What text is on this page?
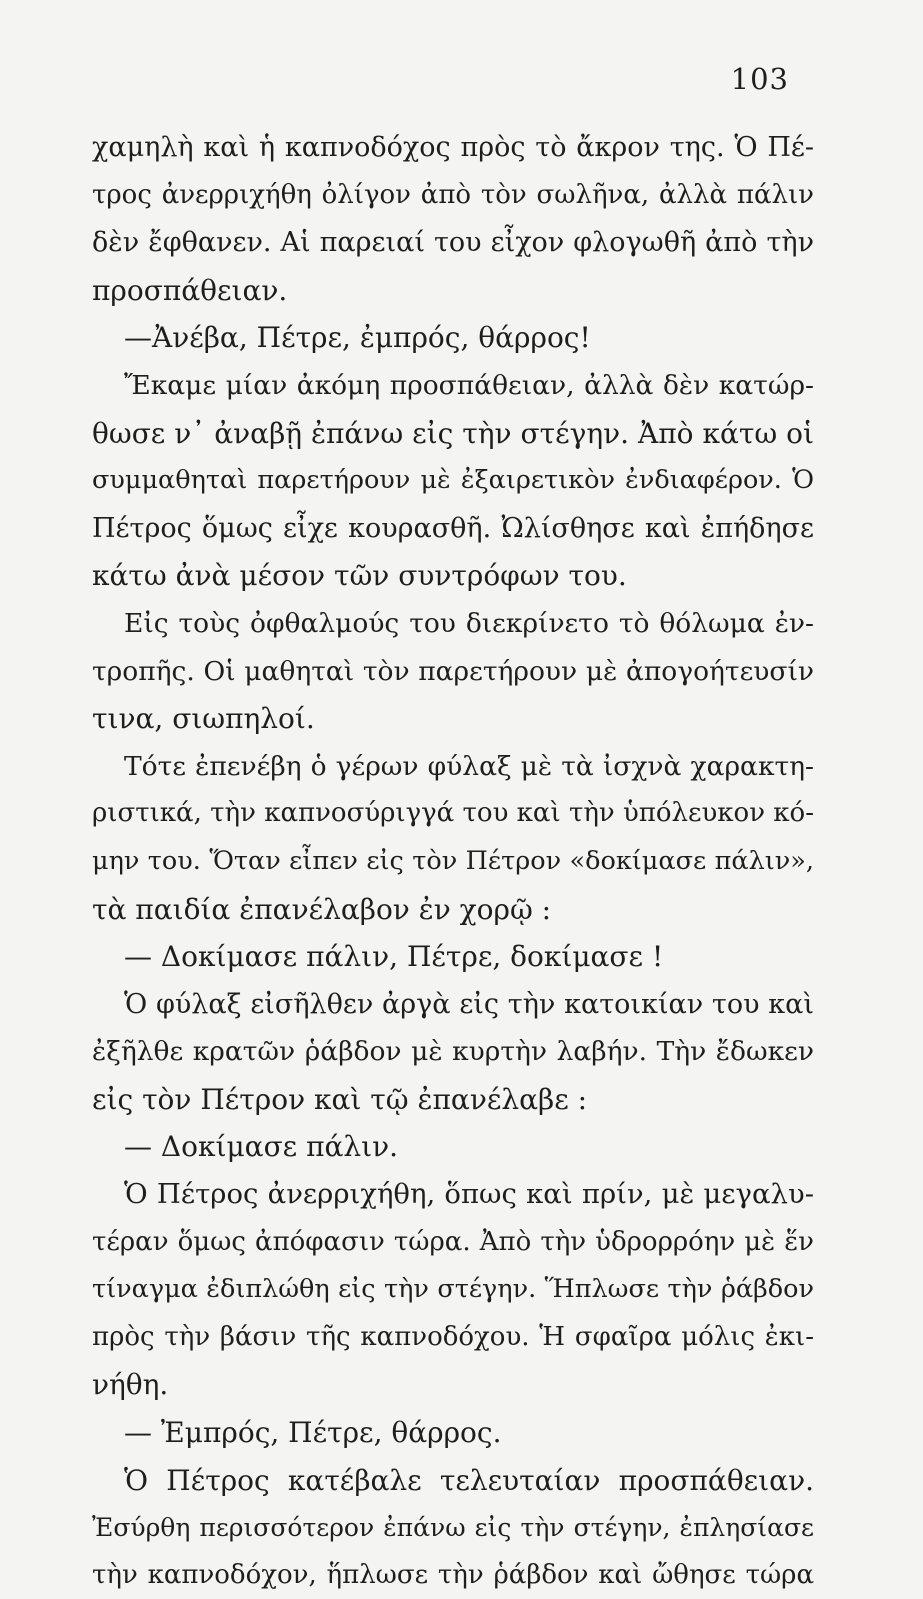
103

χαμηλὴ καὶ ἡ καπνοδόχος πρὸς τὸ ἄκρον της. Ὁ Πέ-

τρος ἀνερριχήθη ὀλίγον ἀπὸ τὸν σωλῆνα, ἀλλὰ πάλιν

δὲν ἔφθανεν. Αἱ παρειαί του εἶχον φλογωθῆ ἀπὸ τὴν

προσπάθειαν.

—Ἀνέβα, Πέτρε, ἐμπρός, θάρρος!

Ἔκαμε μίαν ἀκόμη προσπάθειαν, ἀλλὰ δὲν κατώρ-

θωσε ν᾽ ἀναβῇ ἐπάνω εἰς τὴν στέγην. Ἀπὸ κάτω οἱ

συμμαθηταὶ παρετήρουν μὲ ἐξαιρετικὸν ἐνδιαφέρον. Ὁ

Πέτρος ὅμως εἶχε κουρασθῆ. Ὠλίσθησε καὶ ἐπήδησε

κάτω ἀνὰ μέσον τῶν συντρόφων του.

Εἰς τοὺς ὀφθαλμούς του διεκρίνετο τὸ θόλωμα ἐν-

τροπῆς. Οἱ μαθηταὶ τὸν παρετήρουν μὲ ἀπογοήτευσίν

τινα, σιωπηλοί.

Τότε ἐπενέβη ὁ γέρων φύλαξ μὲ τὰ ἰσχνὰ χαρακτη-

ριστικά, τὴν καπνοσύριγγά του καὶ τὴν ὑπόλευκον κό-

μην του. Ὅταν εἶπεν εἰς τὸν Πέτρον «δοκίμασε πάλιν»,

τὰ παιδία ἐπανέλαβον ἐν χορῷ :

— Δοκίμασε πάλιν, Πέτρε, δοκίμασε !

Ὁ φύλαξ εἰσῆλθεν ἀργὰ εἰς τὴν κατοικίαν του καὶ

ἐξῆλθε κρατῶν ῥάβδον μὲ κυρτὴν λαβήν. Τὴν ἔδωκεν

εἰς τὸν Πέτρον καὶ τῷ ἐπανέλαβε :

— Δοκίμασε πάλιν.

Ὁ Πέτρος ἀνερριχήθη, ὅπως καὶ πρίν, μὲ μεγαλυ-

τέραν ὅμως ἀπόφασιν τώρα. Ἀπὸ τὴν ὑδρορρόην μὲ ἕν

τίναγμα ἐδιπλώθη εἰς τὴν στέγην. Ἥπλωσε τὴν ῥάβδον

πρὸς τὴν βάσιν τῆς καπνοδόχου. Ἡ σφαῖρα μόλις ἐκι-

νήθη.

— Ἐμπρός, Πέτρε, θάρρος.

Ὁ Πέτρος κατέβαλε τελευταίαν προσπάθειαν.

Ἐσύρθη περισσότερον ἐπάνω εἰς τὴν στέγην, ἐπλησίασε

τὴν καπνοδόχον, ἥπλωσε τὴν ῥάβδον καὶ ὤθησε τώρα
